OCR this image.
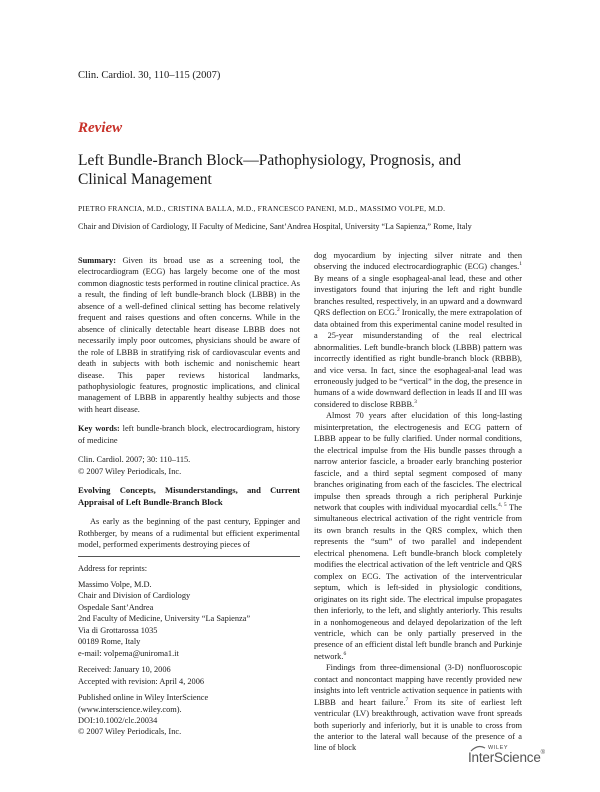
Clin. Cardiol. 30, 110–115 (2007)
Review
Left Bundle-Branch Block—Pathophysiology, Prognosis, and Clinical Management
PIETRO FRANCIA, M.D., CRISTINA BALLA, M.D., FRANCESCO PANENI, M.D., MASSIMO VOLPE, M.D.
Chair and Division of Cardiology, II Faculty of Medicine, Sant’Andrea Hospital, University “La Sapienza,” Rome, Italy

Summary: Given its broad use as a screening tool, the electrocardiogram (ECG) has largely become one of the most common diagnostic tests performed in routine clinical practice. As a result, the finding of left bundle-branch block (LBBB) in the absence of a well-defined clinical setting has become relatively frequent and raises questions and often concerns. While in the absence of clinically detectable heart disease LBBB does not necessarily imply poor outcomes, physicians should be aware of the role of LBBB in stratifying risk of cardiovascular events and death in subjects with both ischemic and nonischemic heart disease. This paper reviews historical landmarks, pathophysiologic features, prognostic implications, and clinical management of LBBB in apparently healthy subjects and those with heart disease.

Key words: left bundle-branch block, electrocardiogram, history of medicine

Clin. Cardiol. 2007; 30: 110–115.

© 2007 Wiley Periodicals, Inc.

Evolving Concepts, Misunderstandings, and Current Appraisal of Left Bundle-Branch Block

As early as the beginning of the past century, Eppinger and Rothberger, by means of a rudimental but efficient experimental model, performed experiments destroying pieces of

Address for reprints:

Massimo Volpe, M.D.

Chair and Division of Cardiology

Ospedale Sant’Andrea

2nd Faculty of Medicine, University “La Sapienza”

Via di Grottarossa 1035

00189 Rome, Italy

e-mail: volpema@uniroma1.it

Received: January 10, 2006

Accepted with revision: April 4, 2006

Published online in Wiley InterScience

(www.interscience.wiley.com).

DOI:10.1002/clc.20034

© 2007 Wiley Periodicals, Inc.

dog myocardium by injecting silver nitrate and then observing the induced electrocardiographic (ECG) changes.$^1$ By means of a single esophageal-anal lead, these and other investigators found that injuring the left and right bundle branches resulted, respectively, in an upward and a downward QRS deflection on ECG.$^2$ Ironically, the mere extrapolation of data obtained from this experimental canine model resulted in a 25-year misunderstanding of the real electrical abnormalities. Left bundle-branch block (LBBB) pattern was incorrectly identified as right bundle-branch block (RBBB), and vice versa. In fact, since the esophageal-anal lead was erroneously judged to be “vertical” in the dog, the presence in humans of a wide downward deflection in leads II and III was considered to disclose RBBB.$^3$

Almost 70 years after elucidation of this long-lasting misinterpretation, the electrogenesis and ECG pattern of LBBB appear to be fully clarified. Under normal conditions, the electrical impulse from the His bundle passes through a narrow anterior fascicle, a broader early branching posterior fascicle, and a third septal segment composed of many branches originating from each of the fascicles. The electrical impulse then spreads through a rich peripheral Purkinje network that couples with individual myocardial cells.$^{4, 5}$ The simultaneous electrical activation of the right ventricle from its own branch results in the QRS complex, which then represents the “sum” of two parallel and independent electrical phenomena. Left bundle-branch block completely modifies the electrical activation of the left ventricle and QRS complex on ECG. The activation of the interventricular septum, which is left-sided in physiologic conditions, originates on its right side. The electrical impulse propagates then inferiorly, to the left, and slightly anteriorly. This results in a nonhomogeneous and delayed depolarization of the left ventricle, which can be only partially preserved in the presence of an efficient distal left bundle branch and Purkinje network.$^6$

Findings from three-dimensional (3-D) nonfluoroscopic contact and noncontact mapping have recently provided new insights into left ventricle activation sequence in patients with LBBB and heart failure.$^7$ From its site of earliest left ventricular (LV) breakthrough, activation wave front spreads both superiorly and inferiorly, but it is unable to cross from the anterior to the lateral wall because of the presence of a line of block	WILEY
InterScience®
